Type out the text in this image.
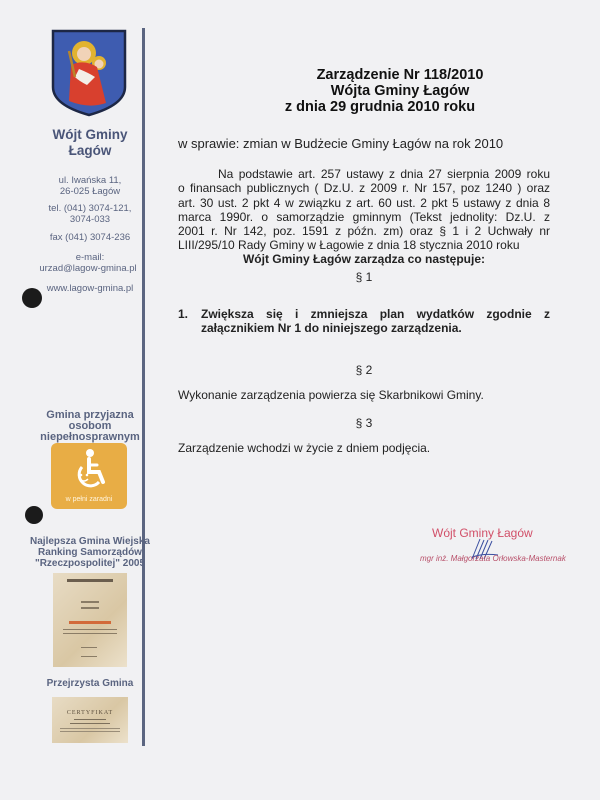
Wójt Gminy
Łagów
ul. Iwańska 11,
26-025 Łagów
tel. (041) 3074-121,
3074-033
fax (041) 3074-236
e-mail:
urzad@lagow-gmina.pl
www.lagow-gmina.pl
Gmina przyjazna
osobom
niepełnosprawnym
w pełni zaradni
Najlepsza Gmina Wiejska
Ranking Samorządów
"Rzeczpospolitej" 2005
Przejrzysta Gmina
CERTYFIKAT
Zarządzenie Nr 118/2010
Wójta Gminy Łagów
z dnia 29 grudnia 2010 roku
w sprawie: zmian w Budżecie Gminy Łagów na rok 2010
Na podstawie art. 257 ustawy z dnia 27 sierpnia 2009 roku
o finansach publicznych ( Dz.U. z 2009 r. Nr 157, poz 1240 ) oraz
art. 30 ust. 2 pkt 4 w związku z art. 60 ust. 2 pkt 5 ustawy z dnia 8
marca 1990r. o samorządzie gminnym (Tekst jednolity: Dz.U. z
2001 r. Nr 142, poz. 1591 z późn. zm) oraz § 1 i 2 Uchwały nr
LIII/295/10 Rady Gminy w Łagowie z dnia 18 stycznia 2010 roku
Wójt Gminy Łagów zarządza co następuje:
§ 1
1. Zwiększa się i zmniejsza plan wydatków zgodnie z
załącznikiem Nr 1 do niniejszego zarządzenia.
§ 2
Wykonanie zarządzenia powierza się Skarbnikowi Gminy.
§ 3
Zarządzenie wchodzi w życie z dniem podjęcia.
Wójt Gminy Łagów
mgr inż. Małgorzata Orłowska-Masternak
